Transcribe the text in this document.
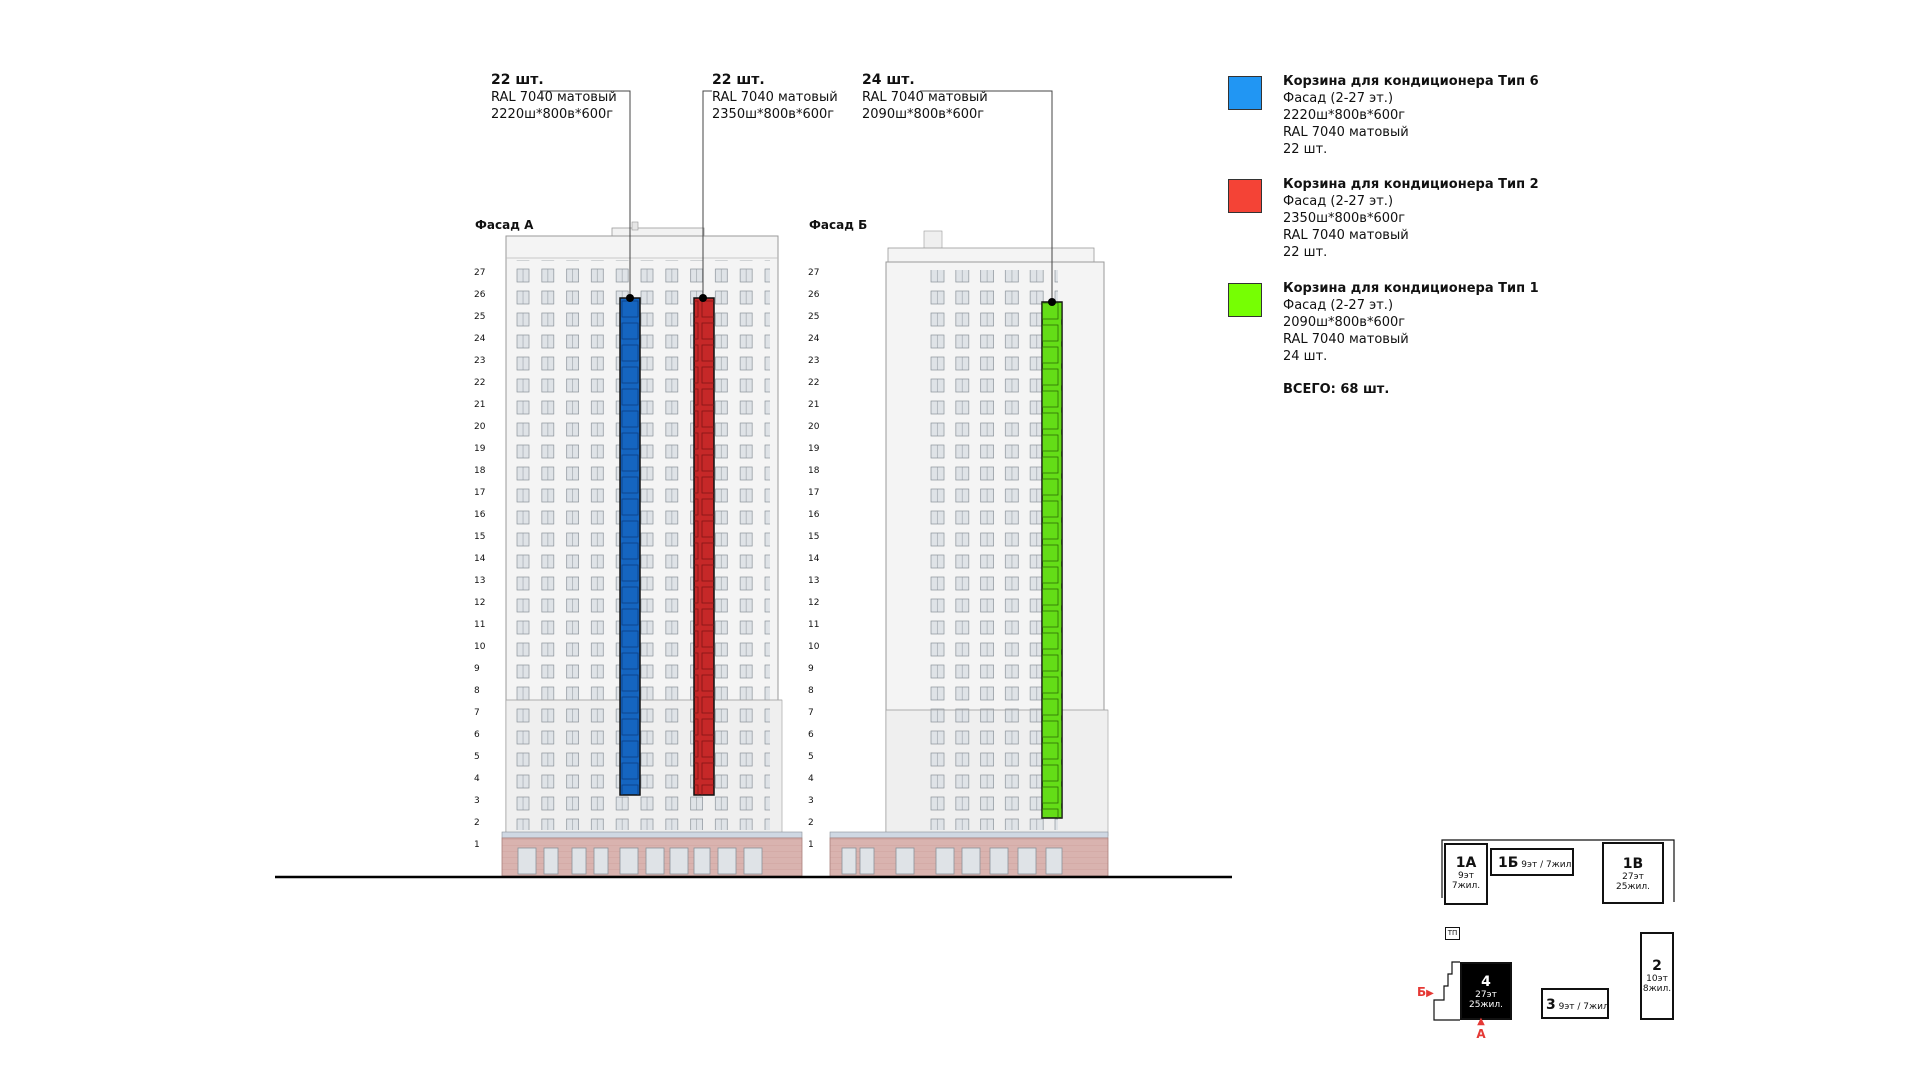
22 шт.
RAL 7040 матовый
2220ш*800в*600г
22 шт.
RAL 7040 матовый
2350ш*800в*600г
24 шт.
RAL 7040 матовый
2090ш*800в*600г
Фасад А	Фасад Б
27
26
25
24
23
22
21
20
19
18
17
16
15
14
13
12
11
10
9
8
7
6
5
4
3
2
1
27
26
25
24
23
22
21
20
19
18
17
16
15
14
13
12
11
10
9
8
7
6
5
4
3
2
1
Корзина для кондиционера Тип 6
Фасад (2-27 эт.)
2220ш*800в*600г
RAL 7040 матовый
22 шт.
Корзина для кондиционера Тип 2
Фасад (2-27 эт.)
2350ш*800в*600г
RAL 7040 матовый
22 шт.
Корзина для кондиционера Тип 1
Фасад (2-27 эт.)
2090ш*800в*600г
RAL 7040 матовый
24 шт.
ВСЕГО: 68 шт.
1А
9эт
7жил.
1Б 9эт / 7жил.	1В
27эт
25жил.
ТП
2
10эт
8жил.
3 9эт / 7жил
4
27эт
25жил.
Б▶
▲
А
